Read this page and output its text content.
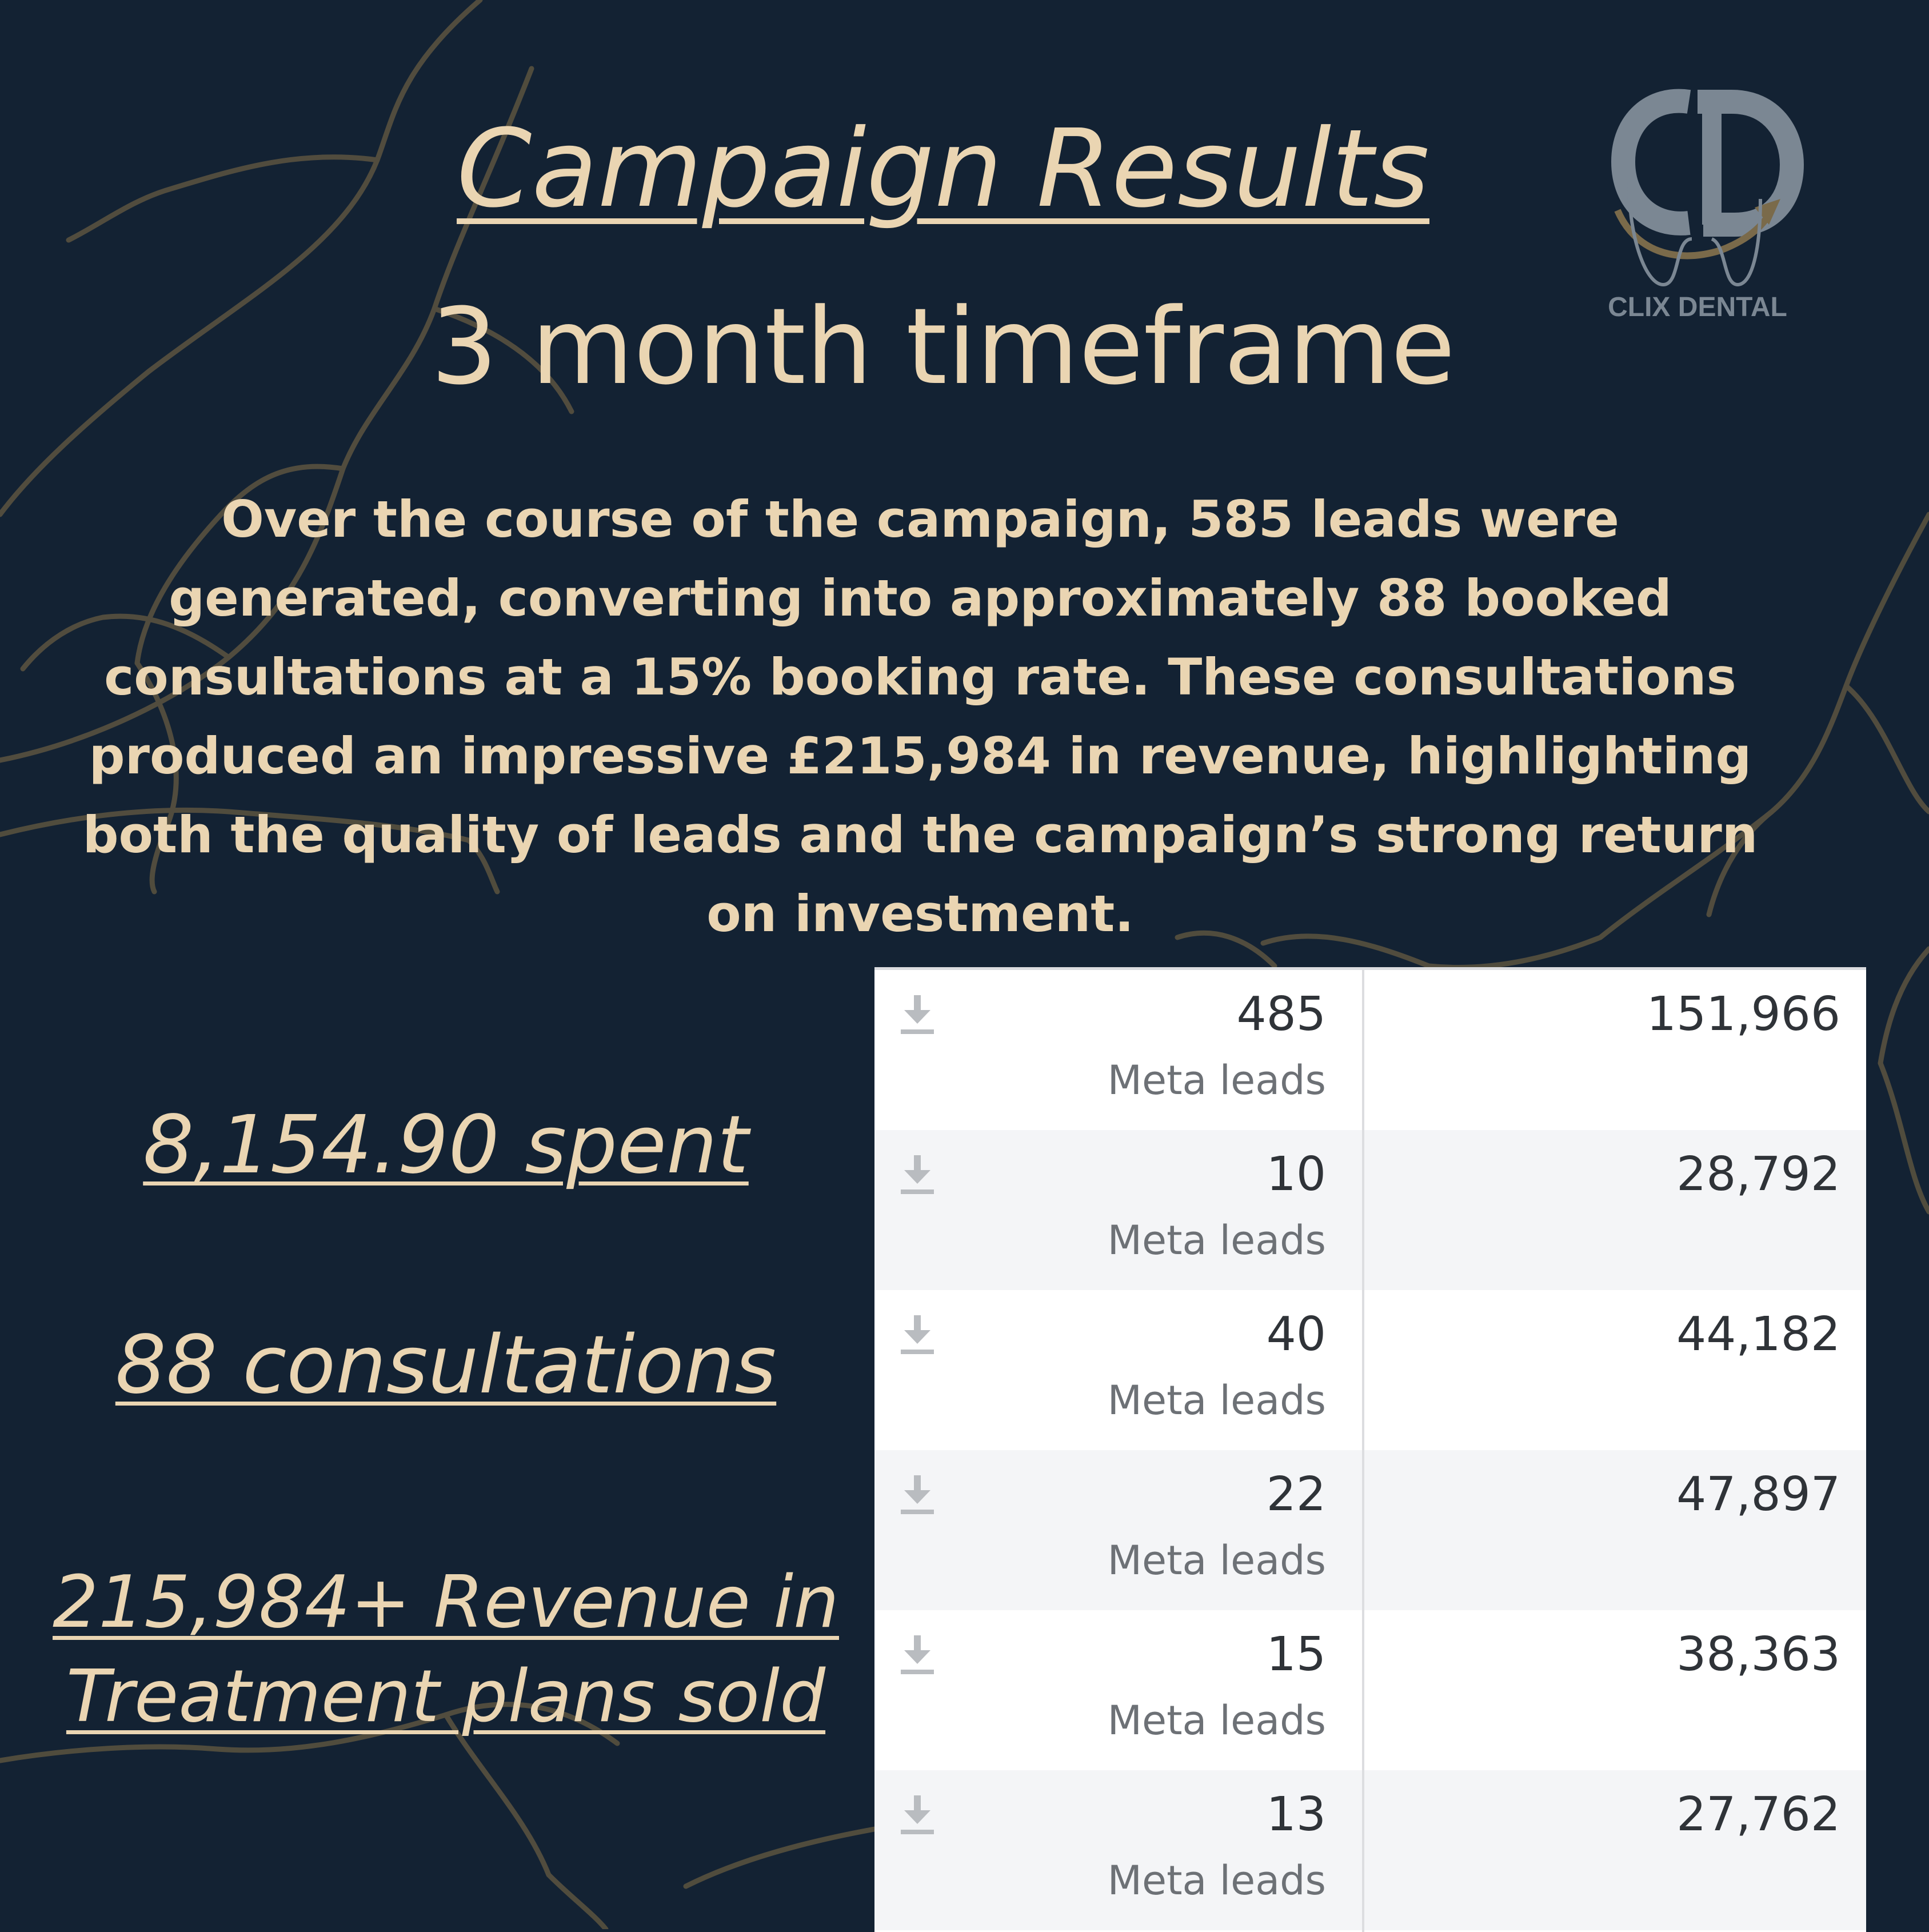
Campaign Results
3 month timeframe
CD
CLIX DENTAL
Over the course of the campaign, 585 leads were generated, converting into approximately 88 booked consultations at a 15% booking rate. These consultations produced an impressive £215,984 in revenue, highlighting both the quality of leads and the campaign’s strong return on investment.
8,154.90 spent
88 consultations
215,984+ Revenue in
Treatment plans sold
485
Meta leads
151,966
10
Meta leads
28,792
40
Meta leads
44,182
22
Meta leads
47,897
15
Meta leads
38,363
13
Meta leads
27,762
